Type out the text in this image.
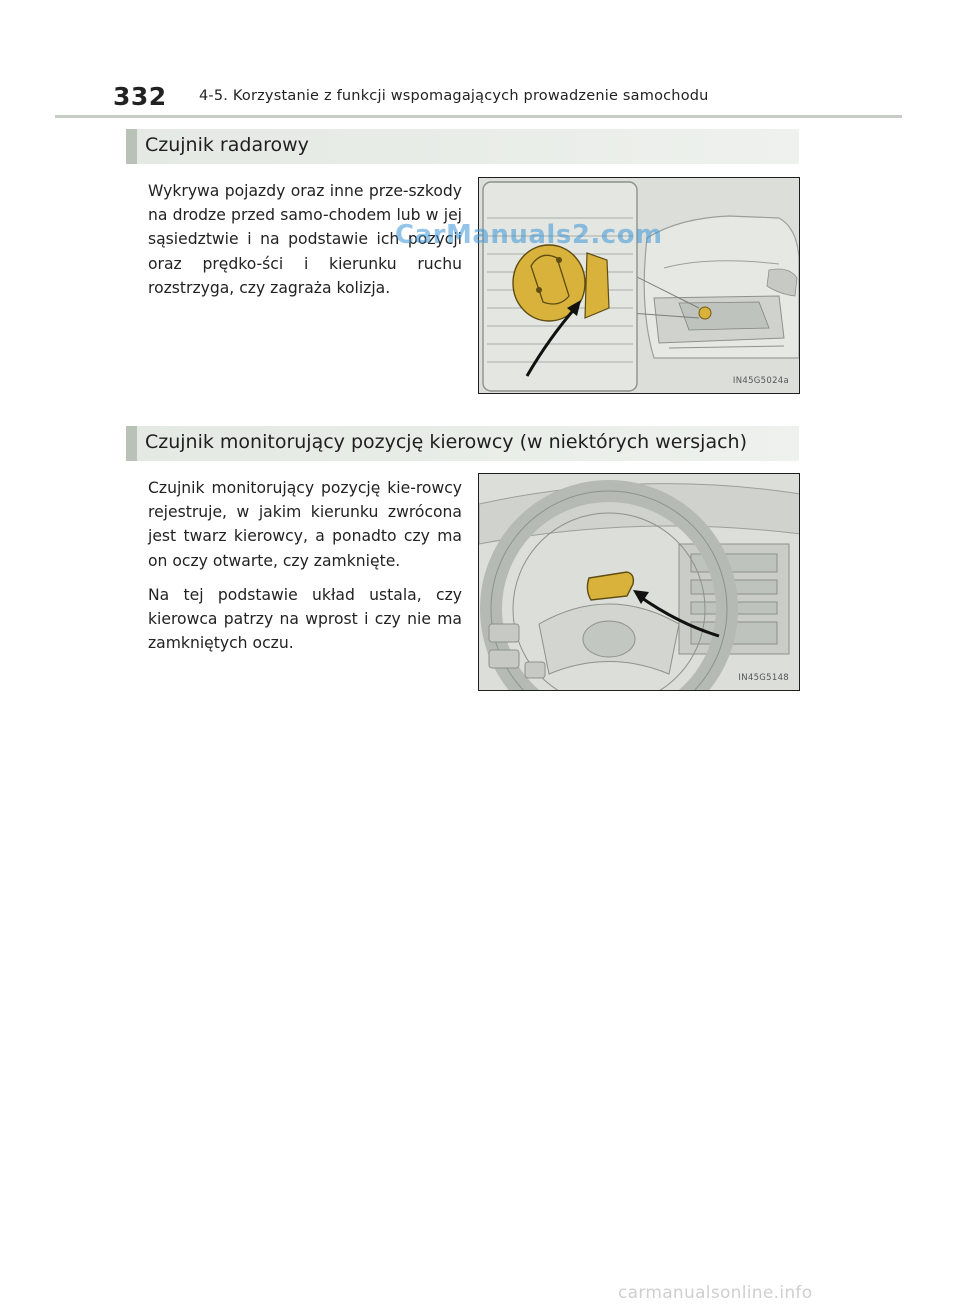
332 4-5. Korzystanie z funkcji wspomagających prowadzenie samochodu
Czujnik radarowy

Wykrywa pojazdy oraz inne prze-szkody na drodze przed samo-chodem lub w jej sąsiedztwie i na podstawie ich pozycji oraz prędko-ści i kierunku ruchu rozstrzyga, czy zagraża kolizja.

IN45G5024a
Czujnik monitorujący pozycję kierowcy (w niektórych wersjach)

Czujnik monitorujący pozycję kie-rowcy rejestruje, w jakim kierunku zwrócona jest twarz kierowcy, a ponadto czy ma on oczy otwarte, czy zamknięte.

Na tej podstawie układ ustala, czy kierowca patrzy na wprost i czy nie ma zamkniętych oczu.

IN45G5148
CarManuals2.com
carmanualsonline.info
